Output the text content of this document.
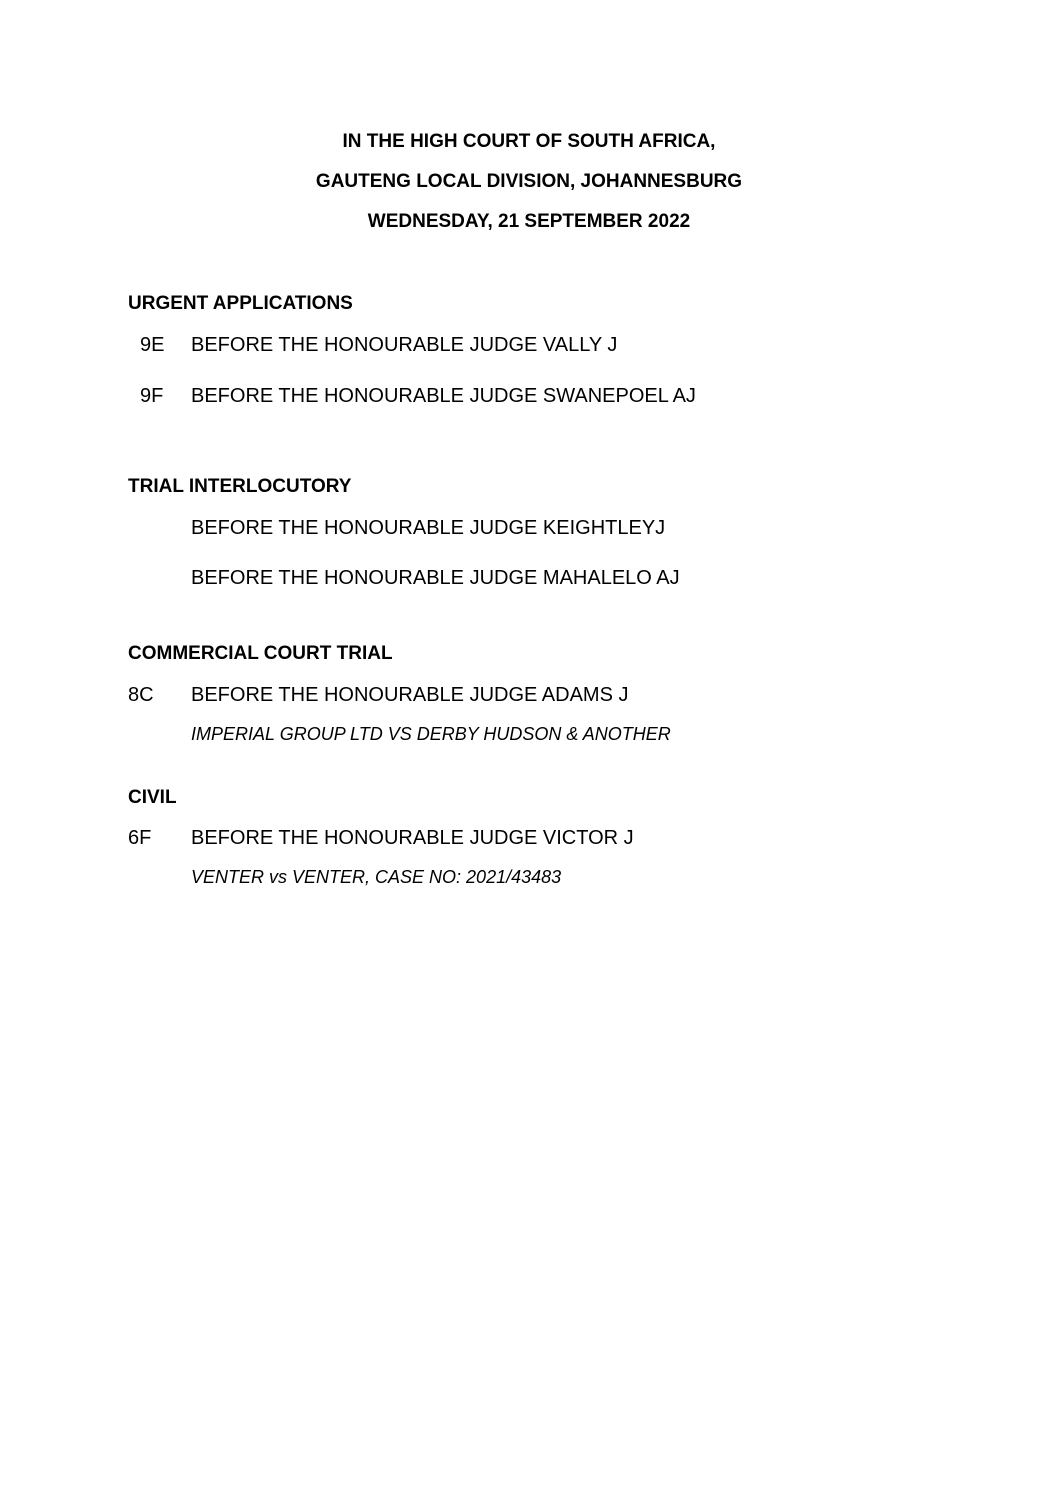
IN THE HIGH COURT OF SOUTH AFRICA,
GAUTENG LOCAL DIVISION, JOHANNESBURG
WEDNESDAY, 21 SEPTEMBER 2022
URGENT APPLICATIONS
9E BEFORE THE HONOURABLE JUDGE VALLY J
9F BEFORE THE HONOURABLE JUDGE SWANEPOEL AJ
TRIAL INTERLOCUTORY
BEFORE THE HONOURABLE JUDGE KEIGHTLEYJ
BEFORE THE HONOURABLE JUDGE MAHALELO AJ
COMMERCIAL COURT TRIAL
8C BEFORE THE HONOURABLE JUDGE ADAMS J
IMPERIAL GROUP LTD VS DERBY HUDSON & ANOTHER
CIVIL
6F BEFORE THE HONOURABLE JUDGE VICTOR J
VENTER vs VENTER, CASE NO: 2021/43483
